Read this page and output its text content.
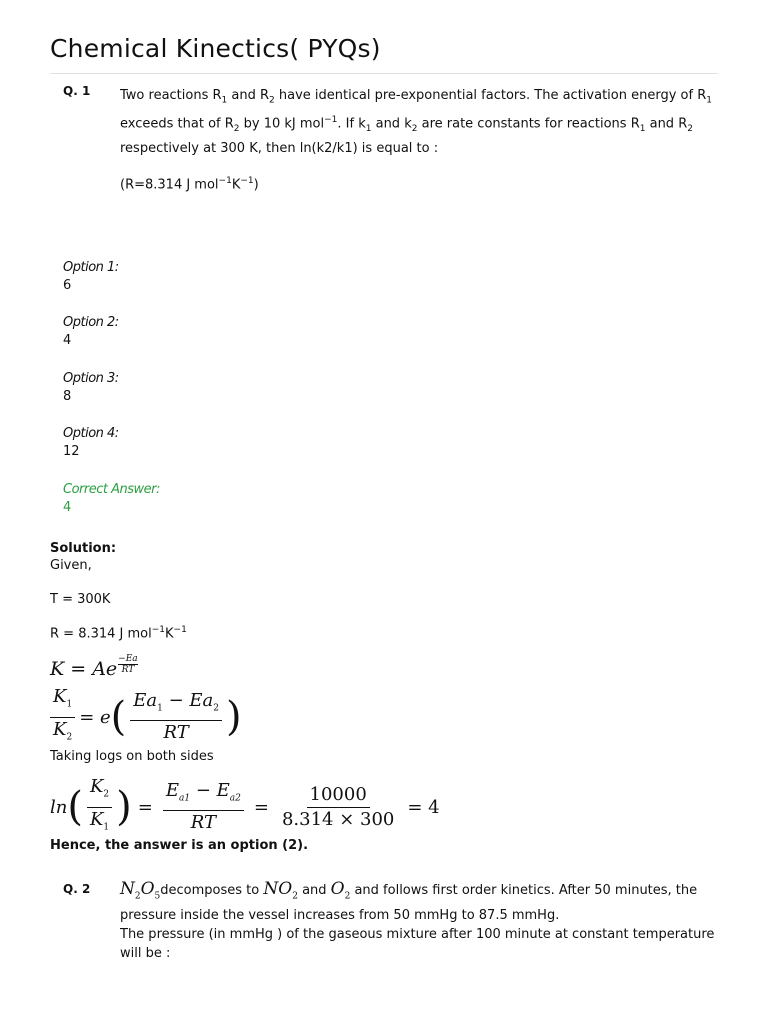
Chemical Kinectics( PYQs)
Q. 1 Two reactions $R_1$ and $R_2$ have identical pre-exponential factors. The activation energy of $R_1$
exceeds that of $R_2$ by 10 kJ mol$^{-1}$. If $k_1$ and $k_2$ are rate constants for reactions $R_1$ and $R_2$
respectively at 300 K, then ln(k2/k1) is equal to :
(R=8.314 J $mol^{-1}K^{-1}$)
Option 1:
6
Option 2:
4
Option 3:
8
Option 4:
12
Correct Answer:
4
Solution:
Given,
T = 300K
R = 8.314 J $mol^{-1}K^{-1}$
K = Ae $\frac{-Ea}{RT}$
$\frac{K_1}{K_2} = e$ ( $\frac{Ea_1 - Ea_2}{RT}$ )
Taking logs on both sides
ln ( $\frac{K_2}{K_1}$ ) = $\frac{E_{a1} - E_{a2}}{RT} = \frac{10000}{8.314 \times 300} = 4$
Hence, the answer is an option (2).
Q. 2 $N_2O_5decomposes$ to $NO_2$ and $O_2$ and follows first order kinetics. After 50 minutes, the
pressure inside the vessel increases from 50 mmHg to 87.5 mmHg.
The pressure (in mmHg ) of the gaseous mixture after 100 minute at constant temperature
will be :
